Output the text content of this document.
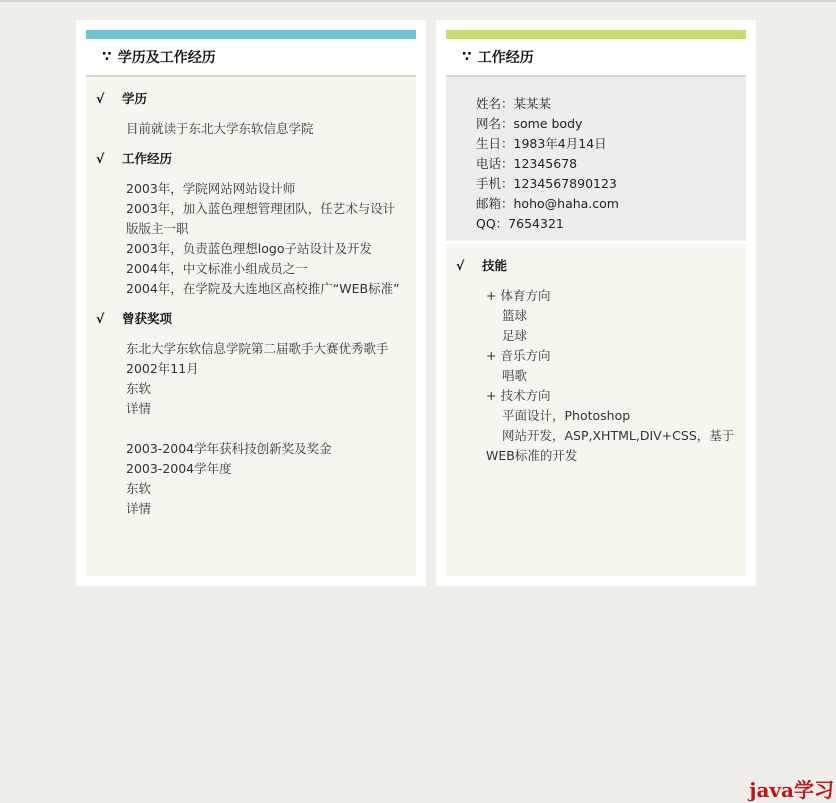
∵ 学历及工作经历
√ 学历
目前就读于东北大学东软信息学院
√ 工作经历
2003年，学院网站网站设计师
2003年，加入蓝色理想管理团队，任艺术与设计版版主一职
2003年，负责蓝色理想logo子站设计及开发
2004年，中文标准小组成员之一
2004年，在学院及大连地区高校推广“WEB标准”
√ 曾获奖项
东北大学东软信息学院第二届歌手大赛优秀歌手
2002年11月
东软
详情
2003-2004学年获科技创新奖及奖金
2003-2004学年度
东软
详情
∵ 工作经历
姓名：某某某
网名：some body
生日：1983年4月14日
电话：12345678
手机：1234567890123
邮箱：hoho@haha.com
QQ：7654321
√ 技能
+ 体育方向
篮球
足球
+ 音乐方向
唱歌
+ 技术方向
平面设计，Photoshop
网站开发，ASP,XHTML,DIV+CSS，基于WEB标准的开发
java学习
